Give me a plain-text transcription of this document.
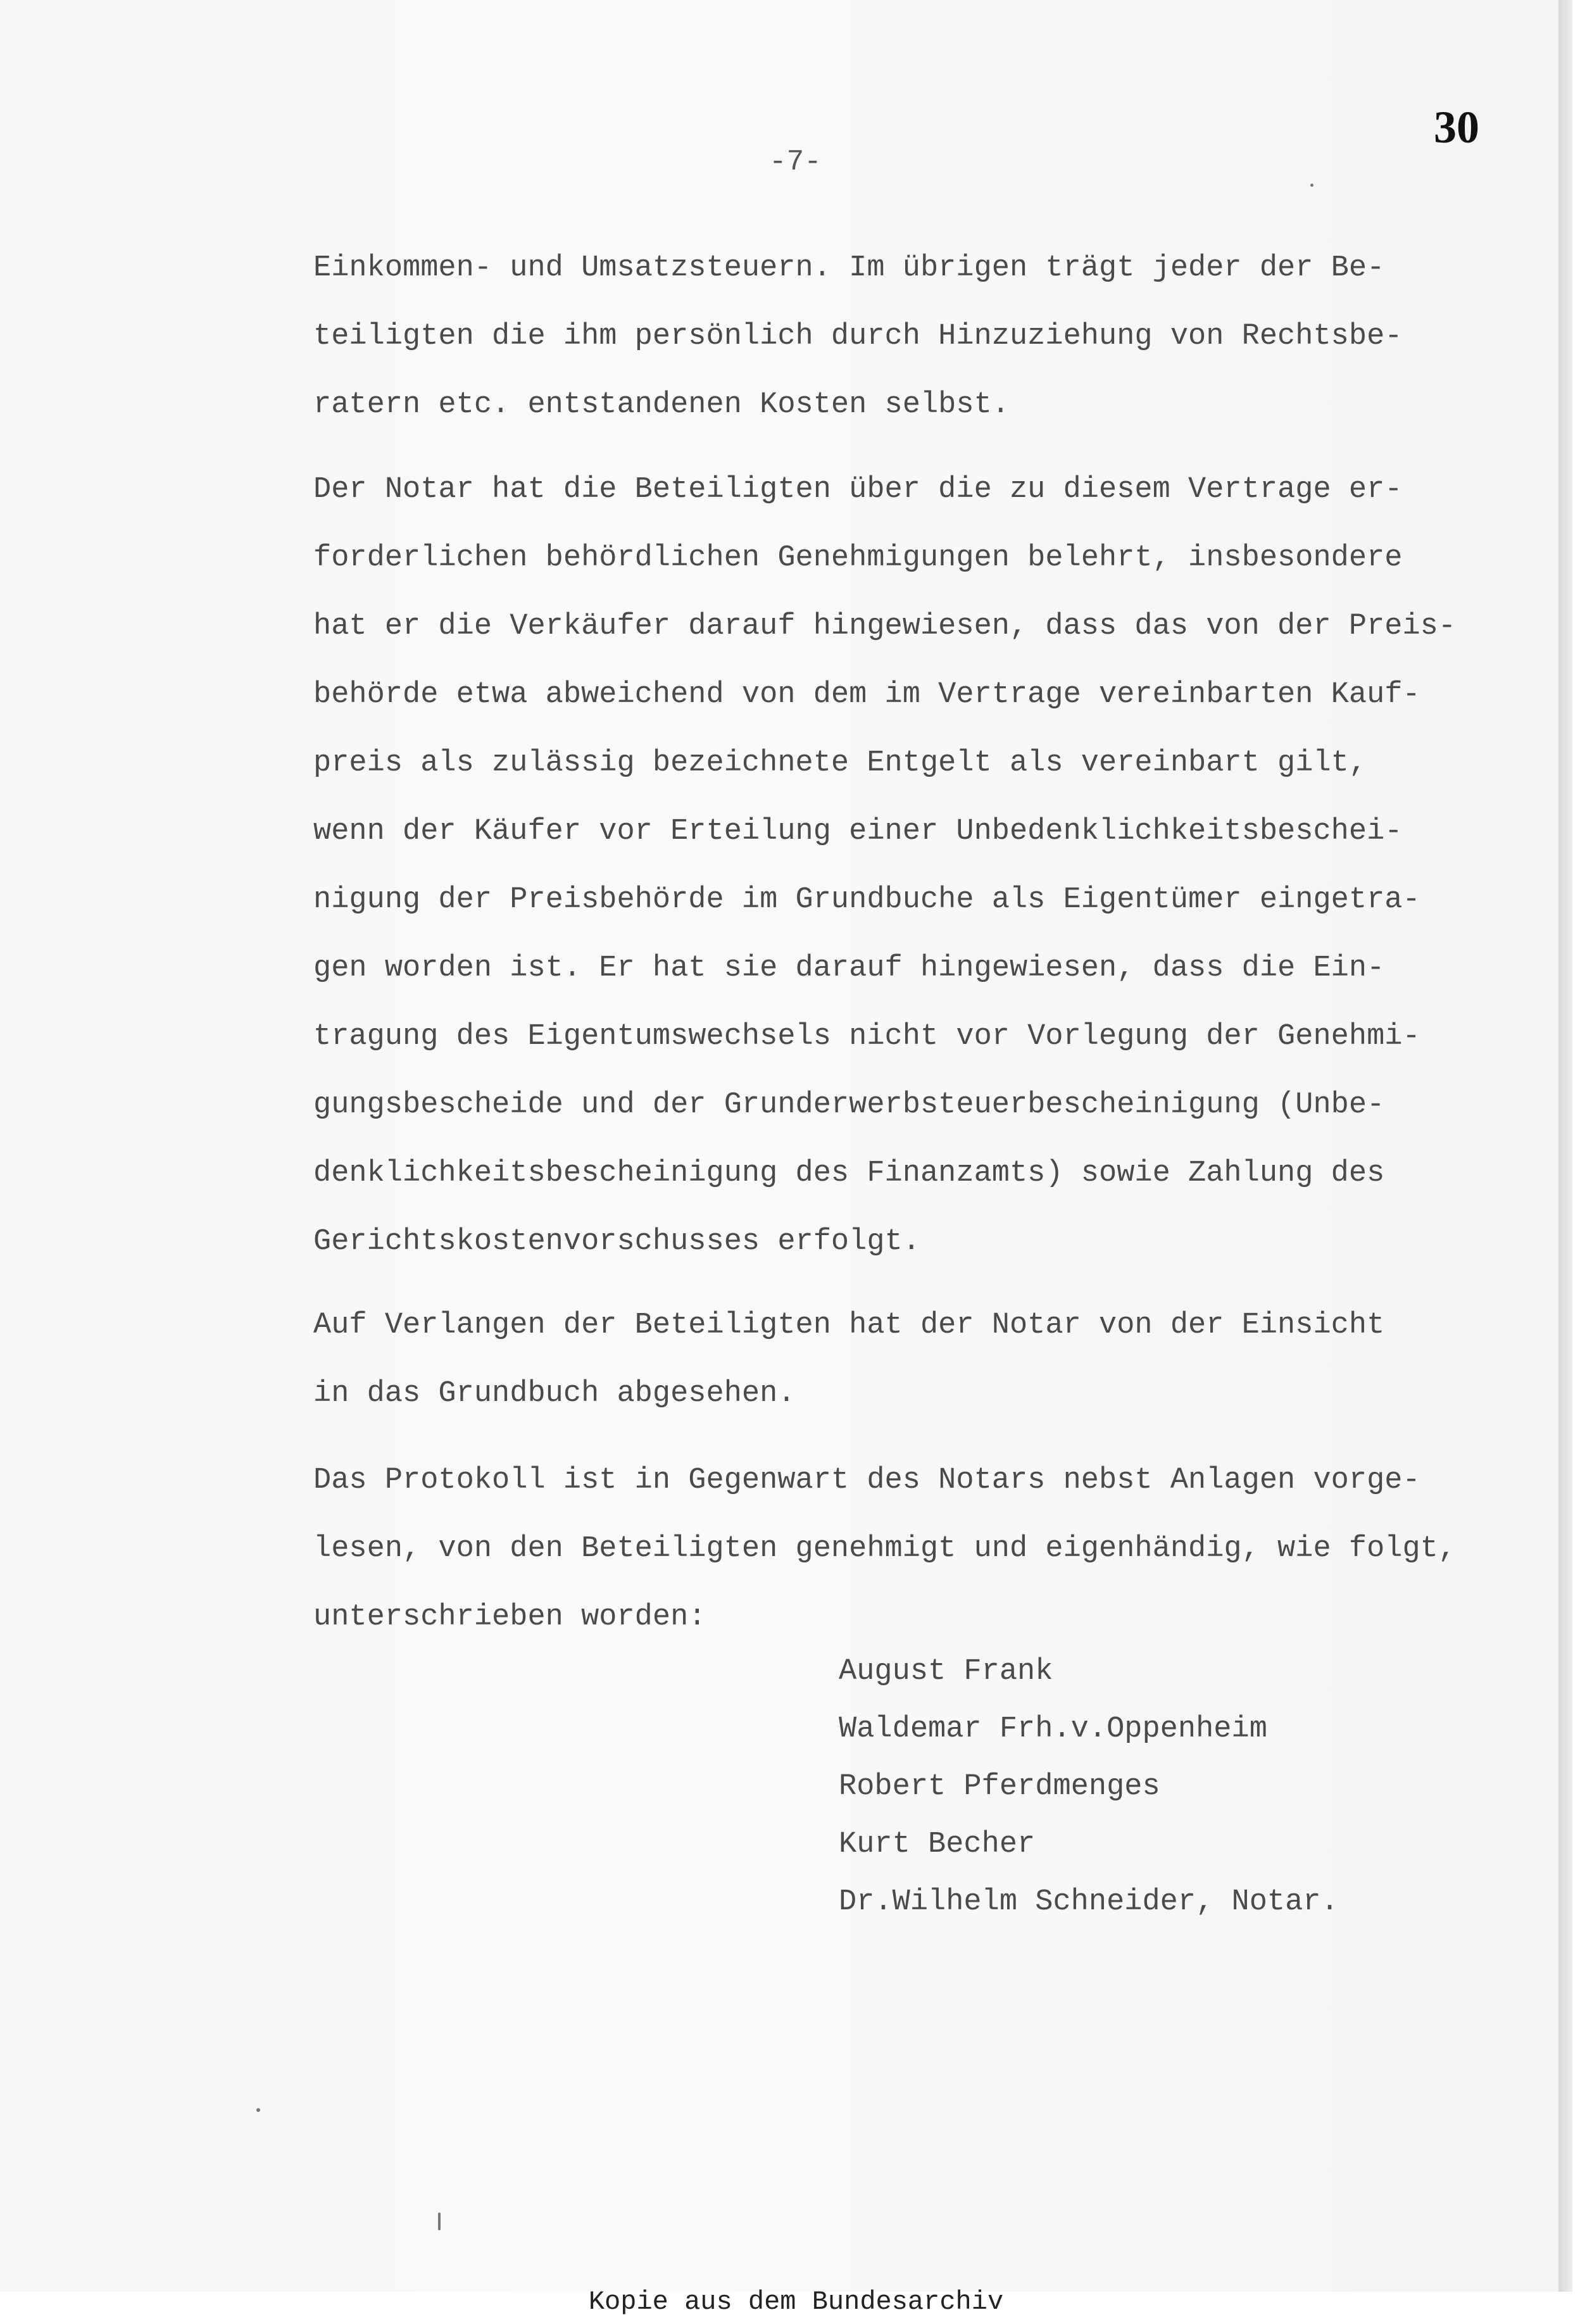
30
-7-
Einkommen- und Umsatzsteuern. Im übrigen trägt jeder der Be-
teiligten die ihm persönlich durch Hinzuziehung von Rechtsbe-
ratern etc. entstandenen Kosten selbst.
Der Notar hat die Beteiligten über die zu diesem Vertrage er-
forderlichen behördlichen Genehmigungen belehrt, insbesondere
hat er die Verkäufer darauf hingewiesen, dass das von der Preis-
behörde etwa abweichend von dem im Vertrage vereinbarten Kauf-
preis als zulässig bezeichnete Entgelt als vereinbart gilt,
wenn der Käufer vor Erteilung einer Unbedenklichkeitsbeschei-
nigung der Preisbehörde im Grundbuche als Eigentümer eingetra-
gen worden ist. Er hat sie darauf hingewiesen, dass die Ein-
tragung des Eigentumswechsels nicht vor Vorlegung der Genehmi-
gungsbescheide und der Grunderwerbsteuerbescheinigung (Unbe-
denklichkeitsbescheinigung des Finanzamts) sowie Zahlung des
Gerichtskostenvorschusses erfolgt.
Auf Verlangen der Beteiligten hat der Notar von der Einsicht
in das Grundbuch abgesehen.
Das Protokoll ist in Gegenwart des Notars nebst Anlagen vorge-
lesen, von den Beteiligten genehmigt und eigenhändig, wie folgt,
unterschrieben worden:
August Frank
Waldemar Frh.v.Oppenheim
Robert Pferdmenges
Kurt Becher
Dr.Wilhelm Schneider, Notar.
Kopie aus dem Bundesarchiv
